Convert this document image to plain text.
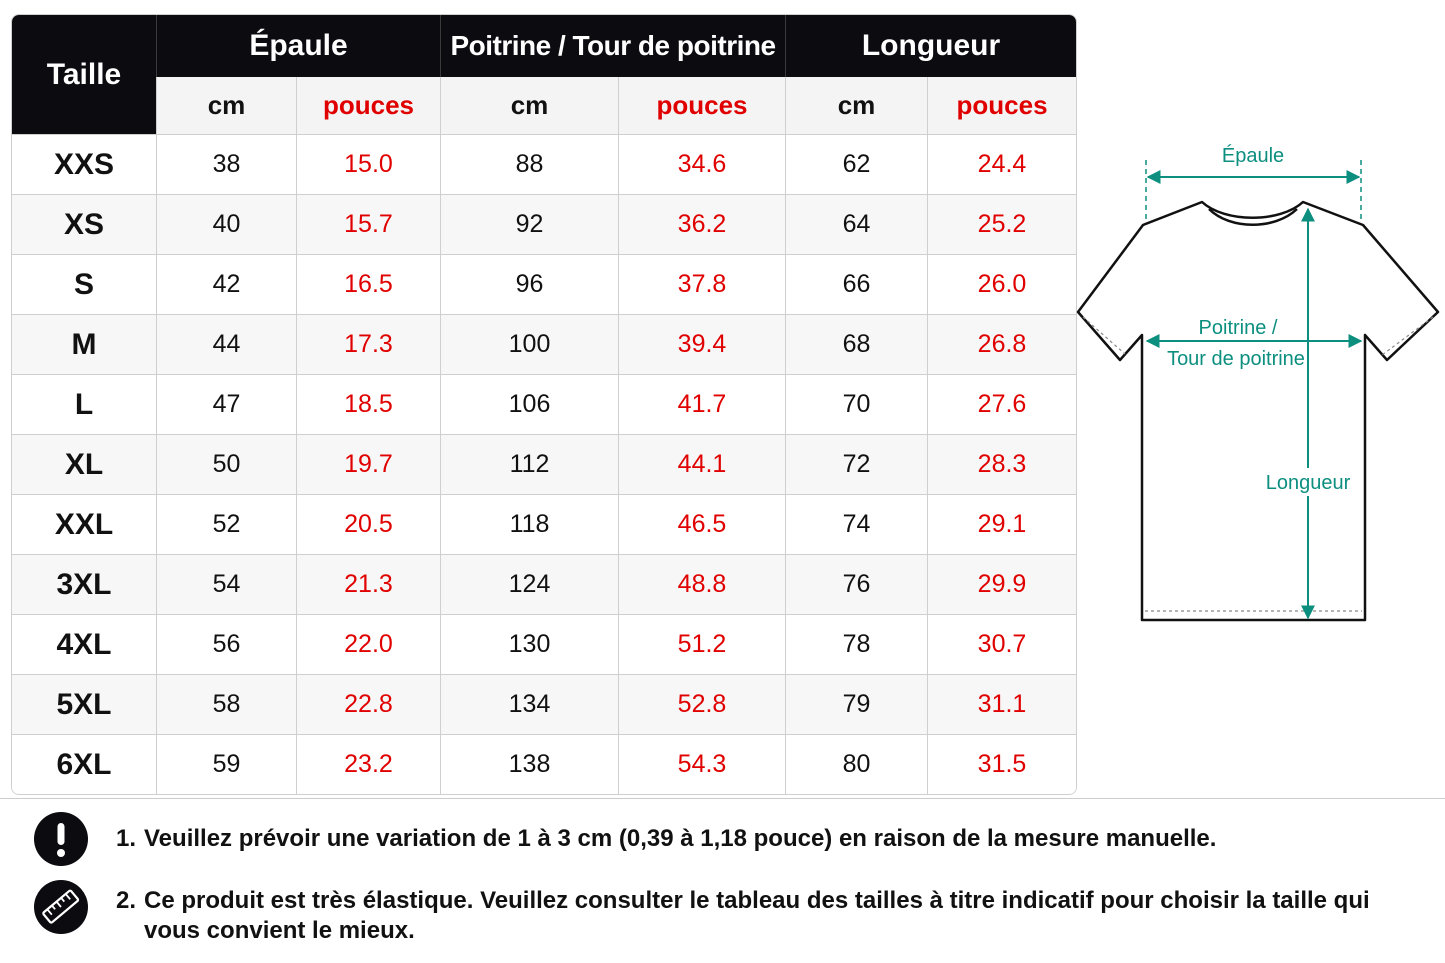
Taille	Épaule		Poitrine / Tour de poitrine		Longueur	
	cm	pouces	cm	pouces	cm	pouces
XXS	38	15.0	88	34.6	62	24.4
XS	40	15.7	92	36.2	64	25.2
S	42	16.5	96	37.8	66	26.0
M	44	17.3	100	39.4	68	26.8
L	47	18.5	106	41.7	70	27.6
XL	50	19.7	112	44.1	72	28.3
XXL	52	20.5	118	46.5	74	29.1
3XL	54	21.3	124	48.8	76	29.9
4XL	56	22.0	130	51.2	78	30.7
5XL	58	22.8	134	52.8	79	31.1
6XL	59	23.2	138	54.3	80	31.5
Épaule
Poitrine /
Tour de poitrine
Longueur
1. Veuillez prévoir une variation de 1 à 3 cm (0,39 à 1,18 pouce) en raison de la mesure manuelle.
2. Ce produit est très élastique. Veuillez consulter le tableau des tailles à titre indicatif pour choisir la taille qui
vous convient le mieux.
